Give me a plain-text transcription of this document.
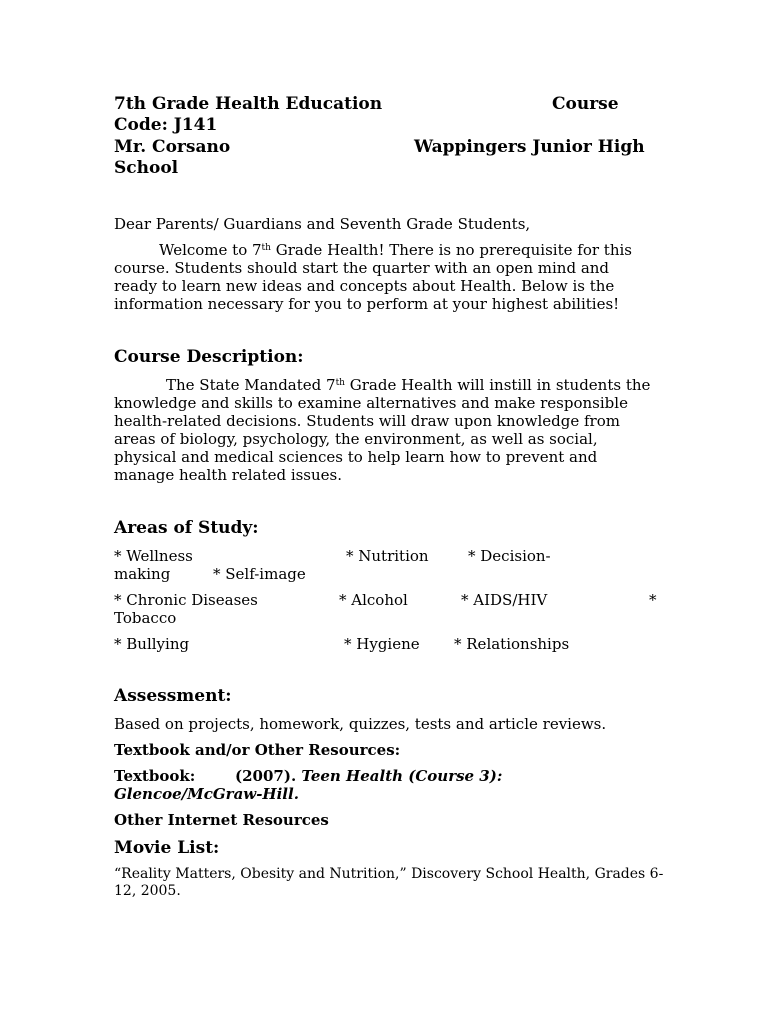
7th Grade Health Education	Course
Code: J141
Mr. Corsano	Wappingers Junior High
School
Dear Parents/ Guardians and Seventh Grade Students,
Welcome to 7th Grade Health! There is no prerequisite for this
course. Students should start the quarter with an open mind and
ready to learn new ideas and concepts about Health. Below is the
information necessary for you to perform at your highest abilities!
Course Description:
The State Mandated 7th Grade Health will instill in students the
knowledge and skills to examine alternatives and make responsible
health-related decisions. Students will draw upon knowledge from
areas of biology, psychology, the environment, as well as social,
physical and medical sciences to help learn how to prevent and
manage health related issues.
Areas of Study:
* Wellness	* Nutrition	* Decision-
making	* Self-image
* Chronic Diseases	* Alcohol	* AIDS/HIV	*
Tobacco
* Bullying	* Hygiene * Relationships
Assessment:
Based on projects, homework, quizzes, tests and article reviews.
Textbook and/or Other Resources:
Textbook:	(2007). Teen Health (Course 3):
Glencoe/McGraw-Hill.
Other Internet Resources
Movie List:
“Reality Matters, Obesity and Nutrition,” Discovery School Health, Grades 6-
12, 2005.
